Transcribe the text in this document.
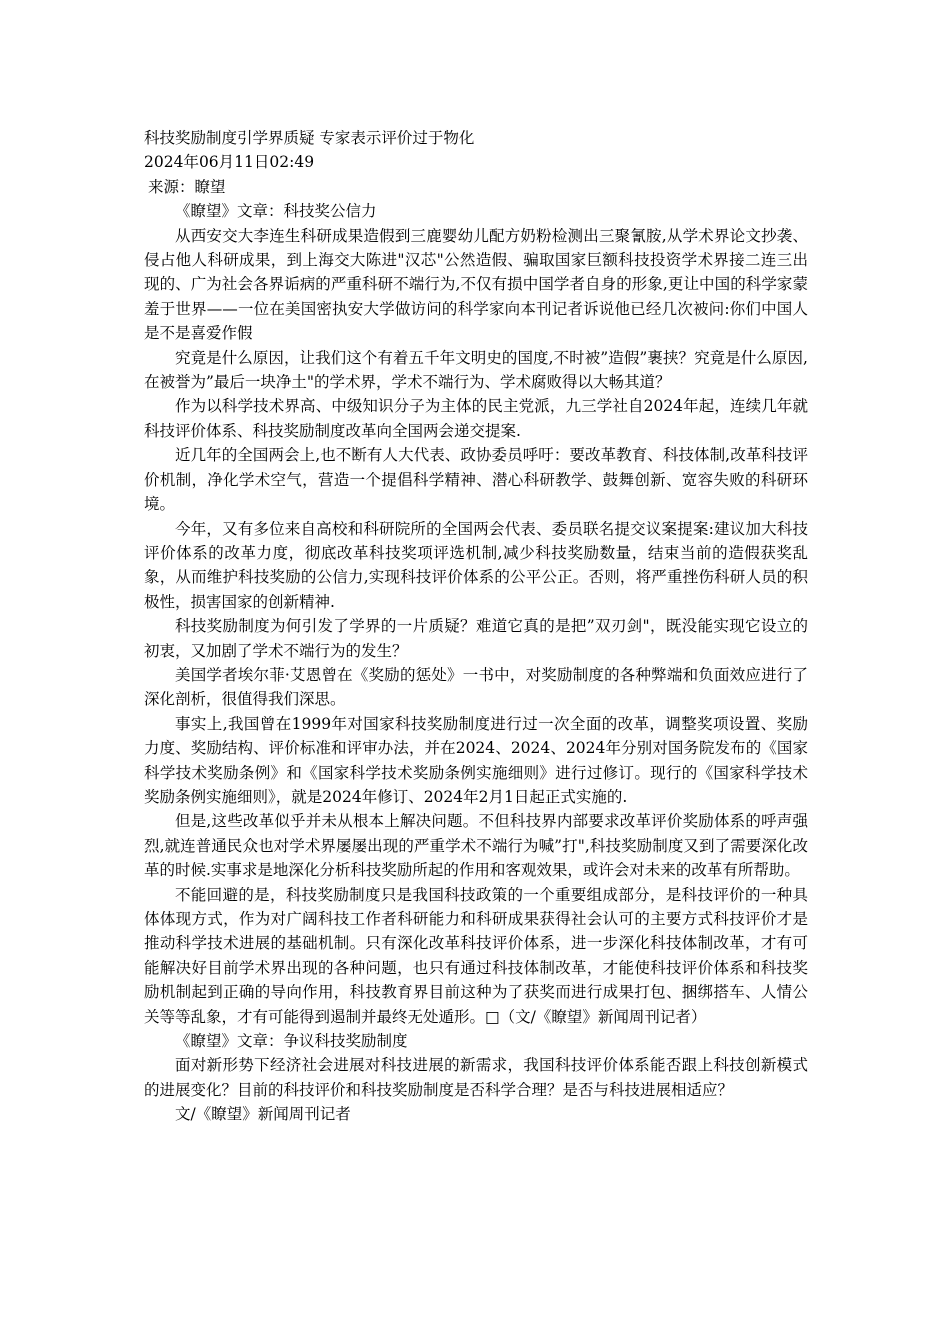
科技奖励制度引学界质疑 专家表示评价过于物化
2024年06月11日02:49
来源：瞭望
《瞭望》文章：科技奖公信力

从西安交大李连生科研成果造假到三鹿婴幼儿配方奶粉检测出三聚氰胺,从学术界论文抄袭、侵占他人科研成果，到上海交大陈进"汉芯"公然造假、骗取国家巨额科技投资学术界接二连三出现的、广为社会各界诟病的严重科研不端行为,不仅有损中国学者自身的形象,更让中国的科学家蒙羞于世界——一位在美国密执安大学做访问的科学家向本刊记者诉说他已经几次被问:你们中国人是不是喜爱作假

究竟是什么原因，让我们这个有着五千年文明史的国度,不时被”造假”裹挟？究竟是什么原因,在被誉为”最后一块净土"的学术界，学术不端行为、学术腐败得以大畅其道？

作为以科学技术界高、中级知识分子为主体的民主党派，九三学社自2024年起，连续几年就科技评价体系、科技奖励制度改革向全国两会递交提案.

近几年的全国两会上,也不断有人大代表、政协委员呼吁：要改革教育、科技体制,改革科技评价机制，净化学术空气，营造一个提倡科学精神、潜心科研教学、鼓舞创新、宽容失败的科研环境。

今年，又有多位来自高校和科研院所的全国两会代表、委员联名提交议案提案:建议加大科技评价体系的改革力度，彻底改革科技奖项评选机制,减少科技奖励数量，结束当前的造假获奖乱象，从而维护科技奖励的公信力,实现科技评价体系的公平公正。否则，将严重挫伤科研人员的积极性，损害国家的创新精神.

科技奖励制度为何引发了学界的一片质疑？难道它真的是把”双刃剑"，既没能实现它设立的初衷，又加剧了学术不端行为的发生？

美国学者埃尔菲·艾恩曾在《奖励的惩处》一书中，对奖励制度的各种弊端和负面效应进行了深化剖析，很值得我们深思。

事实上,我国曾在1999年对国家科技奖励制度进行过一次全面的改革，调整奖项设置、奖励力度、奖励结构、评价标准和评审办法，并在2024、2024、2024年分别对国务院发布的《国家科学技术奖励条例》和《国家科学技术奖励条例实施细则》进行过修订。现行的《国家科学技术奖励条例实施细则》，就是2024年修订、2024年2月1日起正式实施的.

但是,这些改革似乎并未从根本上解决问题。不但科技界内部要求改革评价奖励体系的呼声强烈,就连普通民众也对学术界屡屡出现的严重学术不端行为喊”打",科技奖励制度又到了需要深化改革的时候.实事求是地深化分析科技奖励所起的作用和客观效果，或许会对未来的改革有所帮助。

不能回避的是，科技奖励制度只是我国科技政策的一个重要组成部分，是科技评价的一种具体体现方式，作为对广阔科技工作者科研能力和科研成果获得社会认可的主要方式科技评价才是推动科学技术进展的基础机制。只有深化改革科技评价体系，进一步深化科技体制改革，才有可能解决好目前学术界出现的各种问题，也只有通过科技体制改革，才能使科技评价体系和科技奖励机制起到正确的导向作用，科技教育界目前这种为了获奖而进行成果打包、捆绑搭车、人情公关等等乱象，才有可能得到遏制并最终无处遁形。□（文/《瞭望》新闻周刊记者）

《瞭望》文章：争议科技奖励制度

面对新形势下经济社会进展对科技进展的新需求，我国科技评价体系能否跟上科技创新模式的进展变化？目前的科技评价和科技奖励制度是否科学合理？是否与科技进展相适应？

文/《瞭望》新闻周刊记者
